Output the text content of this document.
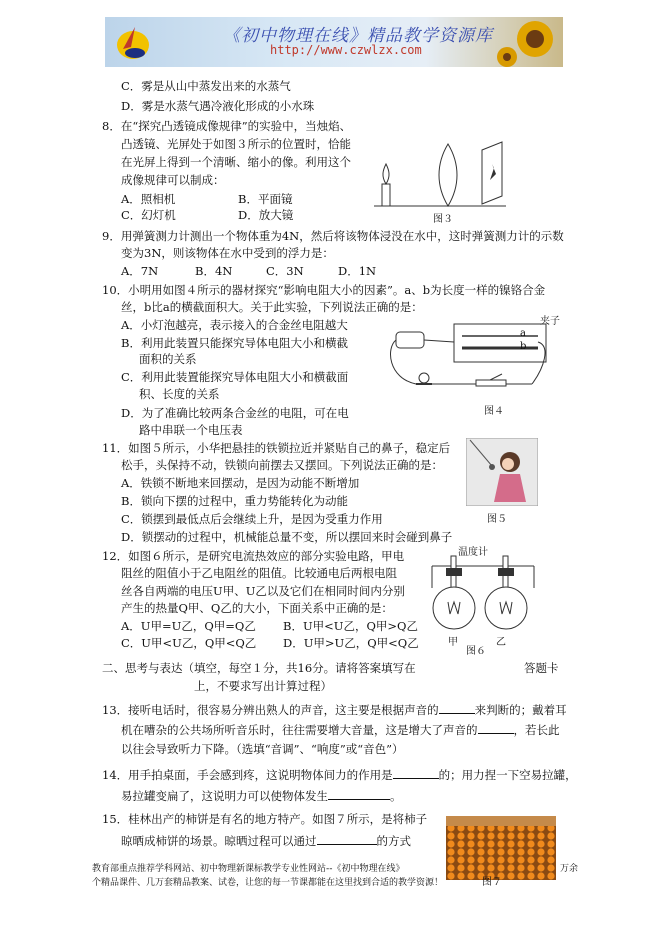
《初中物理在线》精品教学资源库
http://www.czwlzx.com
C．雾是从山中蒸发出来的水蒸气
D．雾是水蒸气遇冷液化形成的小水珠
8．在“探究凸透镜成像规律”的实验中，当烛焰、
凸透镜、光屏处于如图３所示的位置时，恰能
在光屏上得到一个清晰、缩小的像。利用这个
成像规律可以制成：
A．照相机	B．平面镜
C．幻灯机	D．放大镜	图３
9．用弹簧测力计测出一个物体重为4N，然后将该物体浸没在水中，这时弹簧测力计的示数
变为3N，则该物体在水中受到的浮力是：
A．7N	B．4N	C．3N	D．1N
10．小明用如图４所示的器材探究“影响电阻大小的因素”。a、b为长度一样的镍铬合金
丝，b比a的横截面积大。关于此实验，下列说法正确的是：
A．小灯泡越亮，表示接入的合金丝电阻越大
B．利用此装置只能探究导体电阻大小和横截
面积的关系
C．利用此装置能探究导体电阻大小和横截面
积、长度的关系
D．为了准确比较两条合金丝的电阻，可在电
路中串联一个电压表
夹子
a
b
图４
11．如图５所示，小华把悬挂的铁锁拉近并紧贴自己的鼻子，稳定后
松手，头保持不动，铁锁向前摆去又摆回。下列说法正确的是：
A．铁锁不断地来回摆动，是因为动能不断增加
B．锁向下摆的过程中，重力势能转化为动能
C．锁摆到最低点后会继续上升，是因为受重力作用
D．锁摆动的过程中，机械能总量不变，所以摆回来时会碰到鼻子
图５
12．如图６所示，是研究电流热效应的部分实验电路，甲电
阻丝的阻值小于乙电阻丝的阻值。比较通电后两根电阻
丝各自两端的电压U甲、U乙以及它们在相同时间内分别
产生的热量Q甲、Q乙的大小，下面关系中正确的是：
A．U甲=U乙，Q甲=Q乙 B．U甲<U乙，Q甲>Q乙
C．U甲<U乙，Q甲<Q乙 D．U甲>U乙，Q甲<Q乙
温度计
甲	乙
图６
二、思考与表达（填空，每空１分，共16分。请将答案填写在	答题卡
上，不要求写出计算过程）
13．接听电话时，很容易分辨出熟人的声音，这主要是根据声音的	来判断的；戴着耳
机在嘈杂的公共场所听音乐时，往往需要增大音量，这是增大了声音的	，若长此
以往会导致听力下降。（选填“音调”、“响度”或“音色”）
14．用手拍桌面，手会感到疼，这说明物体间力的作用是	的；用力捏一下空易拉罐，
易拉罐变扁了，这说明力可以使物体发生	。
15．桂林出产的柿饼是有名的地方特产。如图７所示，是将柿子
晾晒成柿饼的场景。晾晒过程可以通过	的方式
图７
教育部重点推荐学科网站、初中物理新课标教学专业性网站--《初中物理在线》	万余
个精品课件、几万套精品教案、试卷，让您的每一节课都能在这里找到合适的教学资源！
